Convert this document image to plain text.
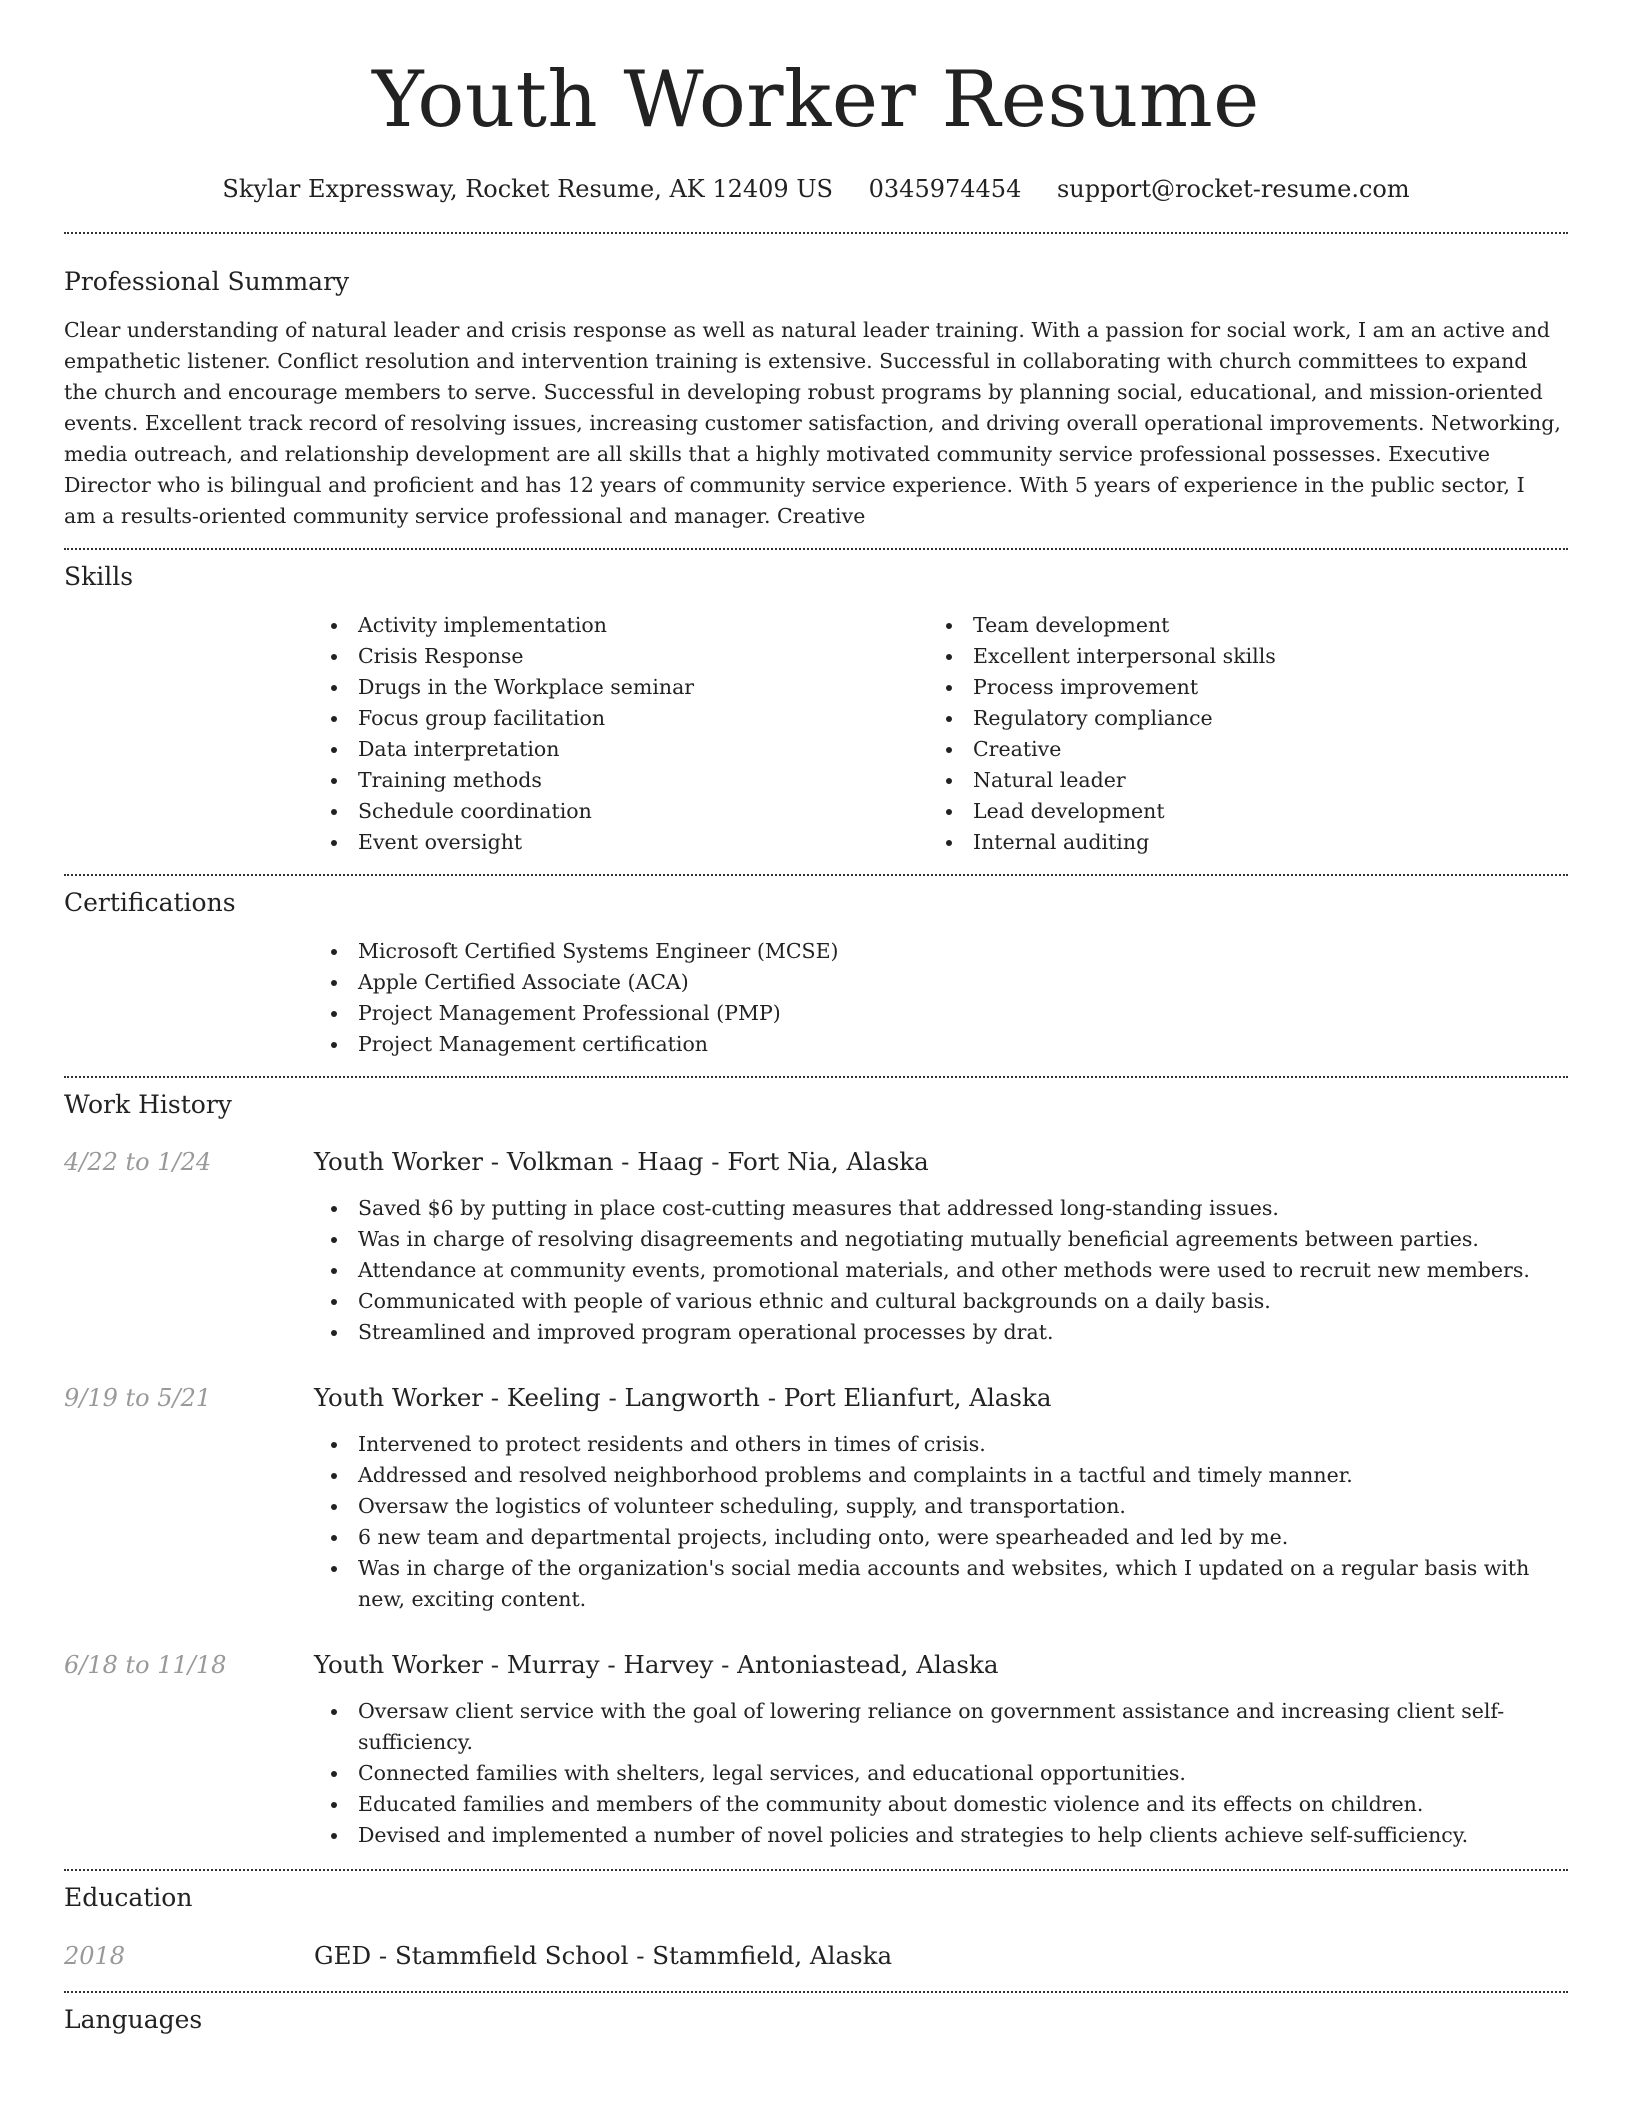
Youth Worker Resume
Skylar Expressway, Rocket Resume, AK 12409 US 0345974454 support@rocket-resume.com
Professional Summary

Clear understanding of natural leader and crisis response as well as natural leader training. With a passion for social work, I am an active and empathetic listener. Conflict resolution and intervention training is extensive. Successful in collaborating with church committees to expand the church and encourage members to serve. Successful in developing robust programs by planning social, educational, and mission-oriented events. Excellent track record of resolving issues, increasing customer satisfaction, and driving overall operational improvements. Networking, media outreach, and relationship development are all skills that a highly motivated community service professional possesses. Executive Director who is bilingual and proficient and has 12 years of community service experience. With 5 years of experience in the public sector, I am a results-oriented community service professional and manager. Creative

Skills
Activity implementation
Crisis Response
Drugs in the Workplace seminar
Focus group facilitation
Data interpretation
Training methods
Schedule coordination
Event oversight
Team development
Excellent interpersonal skills
Process improvement
Regulatory compliance
Creative
Natural leader
Lead development
Internal auditing
Certifications
Microsoft Certified Systems Engineer (MCSE)
Apple Certified Associate (ACA)
Project Management Professional (PMP)
Project Management certification
Work History
4/22 to 1/24	Youth Worker - Volkman - Haag - Fort Nia, Alaska
Saved $6 by putting in place cost-cutting measures that addressed long-standing issues.
Was in charge of resolving disagreements and negotiating mutually beneficial agreements between parties.
Attendance at community events, promotional materials, and other methods were used to recruit new members.
Communicated with people of various ethnic and cultural backgrounds on a daily basis.
Streamlined and improved program operational processes by drat.
9/19 to 5/21	Youth Worker - Keeling - Langworth - Port Elianfurt, Alaska
Intervened to protect residents and others in times of crisis.
Addressed and resolved neighborhood problems and complaints in a tactful and timely manner.
Oversaw the logistics of volunteer scheduling, supply, and transportation.
6 new team and departmental projects, including onto, were spearheaded and led by me.
Was in charge of the organization's social media accounts and websites, which I updated on a regular basis with new, exciting content.
6/18 to 11/18	Youth Worker - Murray - Harvey - Antoniastead, Alaska
Oversaw client service with the goal of lowering reliance on government assistance and increasing client self-sufficiency.
Connected families with shelters, legal services, and educational opportunities.
Educated families and members of the community about domestic violence and its effects on children.
Devised and implemented a number of novel policies and strategies to help clients achieve self-sufficiency.
Education
2018	GED - Stammfield School - Stammfield, Alaska
Languages
